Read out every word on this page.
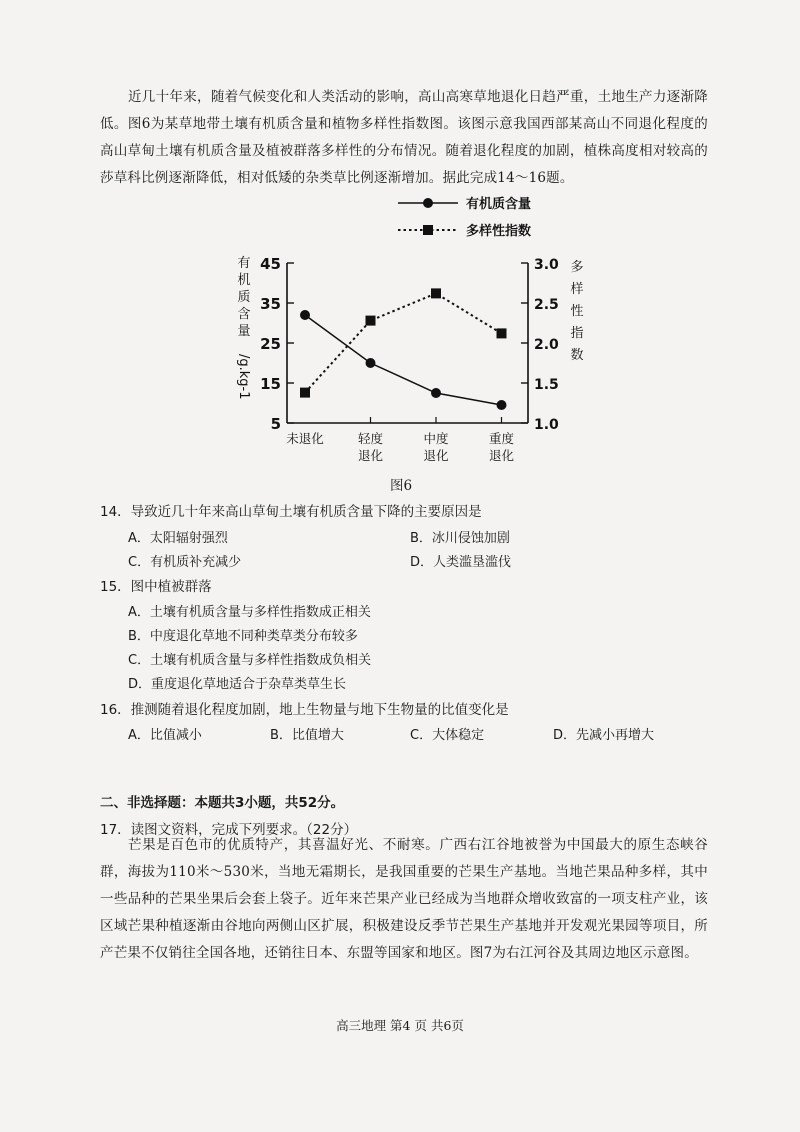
近几十年来，随着气候变化和人类活动的影响，高山高寒草地退化日趋严重，土地生产力逐渐降低。图6为某草地带土壤有机质含量和植物多样性指数图。该图示意我国西部某高山不同退化程度的高山草甸土壤有机质含量及植被群落多样性的分布情况。随着退化程度的加剧，植株高度相对较高的莎草科比例逐渐降低，相对低矮的杂类草比例逐渐增加。据此完成14～16题。
5
15
25
35
45
1.0
1.5
2.0
2.5
3.0
未退化	轻度
退化
中度
退化
重度
退化
有
机
质
含
量
/g.kg-1
多
样
性
指
数
有机质含量
多样性指数
图6
14．导致近几十年来高山草甸土壤有机质含量下降的主要原因是
A．太阳辐射强烈	B．冰川侵蚀加剧
C．有机质补充减少	D．人类滥垦滥伐
15．图中植被群落
A．土壤有机质含量与多样性指数成正相关
B．中度退化草地不同种类草类分布较多
C．土壤有机质含量与多样性指数成负相关
D．重度退化草地适合于杂草类草生长
16．推测随着退化程度加剧，地上生物量与地下生物量的比值变化是
A．比值减小	B．比值增大	C．大体稳定	D．先减小再增大
二、非选择题：本题共3小题，共52分。
17．读图文资料，完成下列要求。（22分）
芒果是百色市的优质特产，其喜温好光、不耐寒。广西右江谷地被誉为中国最大的原生态峡谷群，海拔为110米～530米，当地无霜期长，是我国重要的芒果生产基地。当地芒果品种多样，其中一些品种的芒果坐果后会套上袋子。近年来芒果产业已经成为当地群众增收致富的一项支柱产业，该区域芒果种植逐渐由谷地向两侧山区扩展，积极建设反季节芒果生产基地并开发观光果园等项目，所产芒果不仅销往全国各地，还销往日本、东盟等国家和地区。图7为右江河谷及其周边地区示意图。
高三地理 第4 页 共6页
